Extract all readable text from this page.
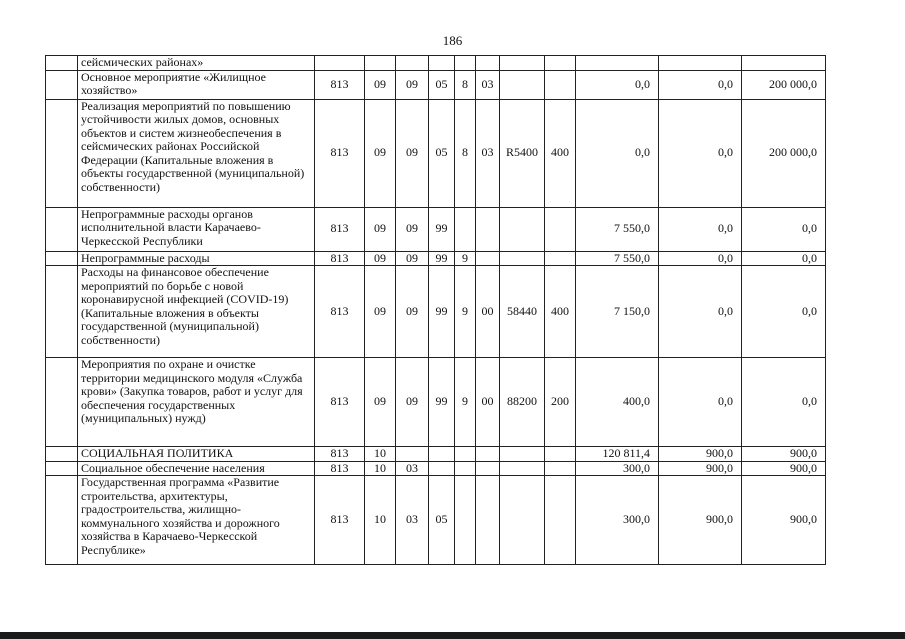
186
	сейсмических районах»											
	Основное мероприятие «Жилищное хозяйство»	813	09	09	05	8	03			0,0	0,0	200 000,0
	Реализация мероприятий по повышению устойчивости жилых домов, основных объектов и систем жизнеобеспечения в сейсмических районах Российской Федерации (Капитальные вложения в объекты государственной (муниципальной) собственности)	813	09	09	05	8	03	R5400	400	0,0	0,0	200 000,0
	Непрограммные расходы органов исполнительной власти Карачаево-Черкесской Республики	813	09	09	99					7 550,0	0,0	0,0
	Непрограммные расходы	813	09	09	99	9				7 550,0	0,0	0,0
	Расходы на финансовое обеспечение мероприятий по борьбе с новой коронавирусной инфекцией (COVID-19) (Капитальные вложения в объекты государственной (муниципальной) собственности)	813	09	09	99	9	00	58440	400	7 150,0	0,0	0,0
	Мероприятия по охране и очистке территории медицинского модуля «Служба крови» (Закупка товаров, работ и услуг для обеспечения государственных (муниципальных) нужд)	813	09	09	99	9	00	88200	200	400,0	0,0	0,0
	СОЦИАЛЬНАЯ ПОЛИТИКА	813	10							120 811,4	900,0	900,0
	Социальное обеспечение населения	813	10	03						300,0	900,0	900,0
	Государственная программа «Развитие строительства, архитектуры, градостроительства, жилищно-коммунального хозяйства и дорожного хозяйства в Карачаево-Черкесской Республике»	813	10	03	05					300,0	900,0	900,0
